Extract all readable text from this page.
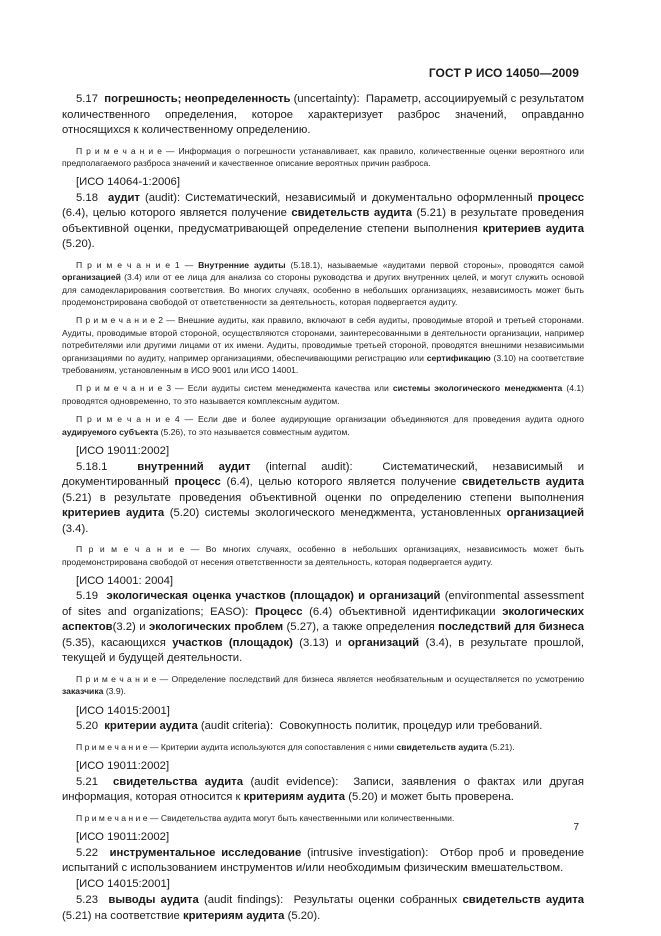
ГОСТ Р ИСО 14050—2009

5.17 погрешность; неопределенность (uncertainty): Параметр, ассоциируемый с результатом количественного определения, которое характеризует разброс значений, оправданно относящихся к количественному определению.

П р и м е ч а н и е — Информация о погрешности устанавливает, как правило, количественные оценки вероятного или предполагаемого разброса значений и качественное описание вероятных причин разброса.

[ИСО 14064-1:2006]

5.18 аудит (audit): Систематический, независимый и документально оформленный процесс (6.4), целью которого является получение свидетельств аудита (5.21) в результате проведения объективной оценки, предусматривающей определение степени выполнения критериев аудита (5.20).

П р и м е ч а н и е 1 — Внутренние аудиты (5.18.1), называемые «аудитами первой стороны», проводятся самой организацией (3.4) или от ее лица для анализа со стороны руководства и других внутренних целей, и могут служить основой для самодекларирования соответствия. Во многих случаях, особенно в небольших организациях, независимость может быть продемонстрирована свободой от ответственности за деятельность, которая подвергается аудиту.

П р и м е ч а н и е 2 — Внешние аудиты, как правило, включают в себя аудиты, проводимые второй и третьей сторонами. Аудиты, проводимые второй стороной, осуществляются сторонами, заинтересованными в деятельности организации, например потребителями или другими лицами от их имени. Аудиты, проводимые третьей стороной, проводятся внешними независимыми организациями по аудиту, например организациями, обеспечивающими регистрацию или сертификацию (3.10) на соответствие требованиям, установленным в ИСО 9001 или ИСО 14001.

П р и м е ч а н и е 3 — Если аудиты систем менеджмента качества или системы экологического менеджмента (4.1) проводятся одновременно, то это называется комплексным аудитом.

П р и м е ч а н и е 4 — Если две и более аудирующие организации объединяются для проведения аудита одного аудируемого субъекта (5.26), то это называется совместным аудитом.

[ИСО 19011:2002]

5.18.1	внутренний аудит (internal audit):	Систематический, независимый и документированный процесс (6.4), целью которого является получение свидетельств аудита (5.21) в результате проведения объективной оценки по определению степени выполнения критериев аудита (5.20) системы экологического менеджмента, установленных организацией (3.4).

П р и м е ч а н и е — Во многих случаях, особенно в небольших организациях, независимость может быть продемонстрирована свободой от несения ответственности за деятельность, которая подвергается аудиту.

[ИСО 14001: 2004]

5.19 экологическая оценка участков (площадок) и организаций (environmental assessment of sites and organizations; EASO): Процесс (6.4) объективной идентификации экологических аспектов(3.2) и экологических проблем (5.27), а также определения последствий для бизнеса (5.35), касающихся участков (площадок) (3.13) и организаций (3.4), в результате прошлой, текущей и будущей деятельности.

П р и м е ч а н и е — Определение последствий для бизнеса является необязательным и осуществляется по усмотрению заказчика (3.9).

[ИСО 14015:2001]

5.20 критерии аудита (audit criteria): Совокупность политик, процедур или требований.

П р и м е ч а н и е — Критерии аудита используются для сопоставления с ними свидетельств аудита (5.21).

[ИСО 19011:2002]

5.21 свидетельства аудита (audit evidence): Записи, заявления о фактах или другая информация, которая относится к критериям аудита (5.20) и может быть проверена.

П р и м е ч а н и е — Свидетельства аудита могут быть качественными или количественными.

[ИСО 19011:2002]

5.22 инструментальное исследование (intrusive investigation): Отбор проб и проведение испытаний с использованием инструментов и/или необходимым физическим вмешательством.

[ИСО 14015:2001]

5.23 выводы аудита (audit findings): Результаты оценки собранных свидетельств аудита (5.21) на соответствие критериям аудита (5.20).

7
